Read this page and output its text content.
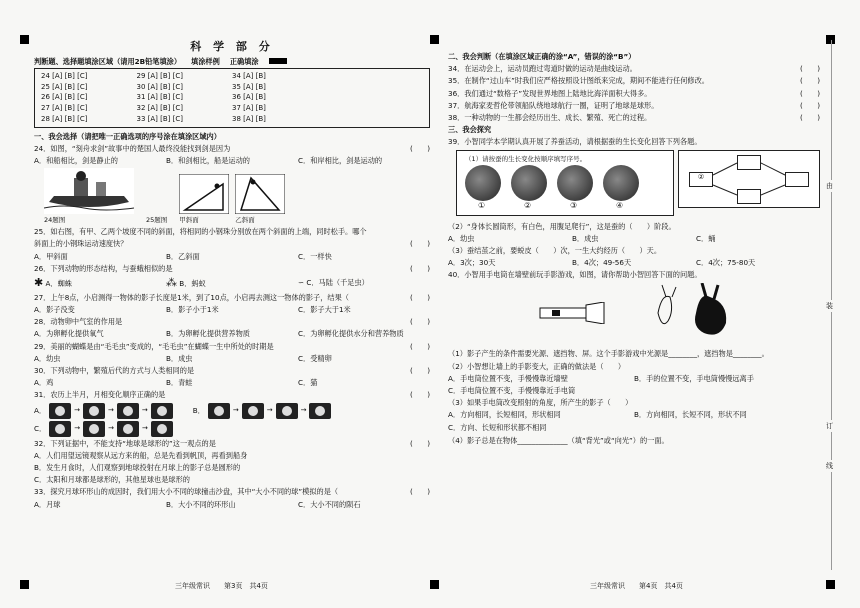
由
装
订
线
科 学 部 分
判断题、选择题填涂区域（请用2B铅笔填涂） 填涂样例 正确填涂
24 [A] [B] [C]	29 [A] [B] [C]	34 [A] [B]
25 [A] [B] [C]	30 [A] [B] [C]	35 [A] [B]
26 [A] [B] [C]	31 [A] [B] [C]	36 [A] [B]
27 [A] [B] [C]	32 [A] [B] [C]	37 [A] [B]
28 [A] [B] [C]	33 [A] [B] [C]	38 [A] [B]
一、我会选择（请把唯一正确选项的序号涂在填涂区域内）
24．如图，“刻舟求剑”故事中的楚国人最终没能找到剑是因为	(　　)
A．和船相比，剑是静止的	B．和剑相比，船是运动的	C．和岸相比，剑是运动的
24题图	25题图 甲斜面	乙斜面
25．如右图，有甲、乙两个坡度不同的斜面，将相同的小钢珠分别放在两个斜面的上端，同时松手。哪个
斜面上的小钢珠运动速度快？	(　　)
A．甲斜面	B．乙斜面	C．一样快
26．下列动物的形态结构，与蚕蛾相似的是	(　　)
✱ A．蜘蛛	⁂ B．蚂蚁	∽ C．马陆（千足虫）
27．上午8点，小启测得一物体的影子长度是1米，到了10点，小启再去测这一物体的影子，结果（	(　　)
A．影子没变	B．影子小于1米	C．影子大于1米
28．动物卵中气室的作用是	(　　)
A．为卵孵化提供氧气	B．为卵孵化提供营养物质	C．为卵孵化提供水分和营养物质
29．美丽的蝴蝶是由“毛毛虫”变成的，“毛毛虫”在蝴蝶一生中所处的时期是	(　　)
A．幼虫	B．成虫	C．受精卵
30．下列动物中，繁殖后代的方式与人类相同的是	(　　)
A．鸡	B．青蛙	C．猫
31．农历上半月，月相变化顺序正确的是	(　　)
A．	→	→	→	B．	→	→	→
C．	→	→	→
32．下列证据中，不能支持“地球是球形的”这一观点的是	(　　)
A．人们用望远镜观察从远方来的船，总是先看到帆顶，再看到船身
B．发生月食时，人们观察到地球投射在月球上的影子总是圆形的
C．太阳和月球都是球形的，其他星球也是球形的
33．探究月球环形山的成因时，我们用大小不同的球撞击沙盘，其中“大小不同的球”模拟的是（	(　　)
A．月球	B．大小不同的环形山	C．大小不同的陨石
三年级常识　　第3页　共4页
二、我会判断（在填涂区域正确的涂“A”，错误的涂“B”）
34．在运动会上，运动员跑过弯道时做的运动是曲线运动。	(　　)
35．在制作“过山车”时我们应严格按照设计图纸来完成，期间不能进行任何修改。	(　　)
36．我们通过“数格子”发现世界地图上陆地比海洋面积大得多。	(　　)
37．航海家麦哲伦带领船队绕地球航行一圈，证明了地球是球形。	(　　)
38．一种动物的一生都会经历出生、成长、繁殖、死亡的过程。	(　　)
三、我会探究
39．小智同学本学期认真开展了养蚕活动，请根据蚕的生长变化回答下列各题。
（1）请按蚕的生长变化按顺序填写序号。
①	②	③	④
②
（2）“身体长圆筒形，有白色，用腹足爬行”，这是蚕的（　　）阶段。
A．幼虫	B．成虫	C．蛹
（3）蚕结茧之前，要蜕皮（　　）次，一生大约经历（　　）天。
A．3次；30天	B．4次；49-56天	C．4次；75-80天
40．小智用手电筒在墙壁前玩手影游戏，如图，请你帮助小智回答下面的问题。
（1）影子产生的条件需要光源、遮挡物、屏。这个手影游戏中光源是________，遮挡物是________。
（2）小智想让墙上的手影变大，正确的做法是（　　）
A．手电筒位置不变，手慢慢靠近墙壁	B．手的位置不变，手电筒慢慢远离手
C．手电筒位置不变，手慢慢靠近手电筒
（3）如果手电筒改变照射的角度，所产生的影子（　　）
A．方向相同，长短相同，形状相同	B．方向相同，长短不同，形状不同
C．方向、长短和形状都不相同
（4）影子总是在物体______________（填“背光”或“向光”）的一面。
三年级常识　　第4页　共4页
